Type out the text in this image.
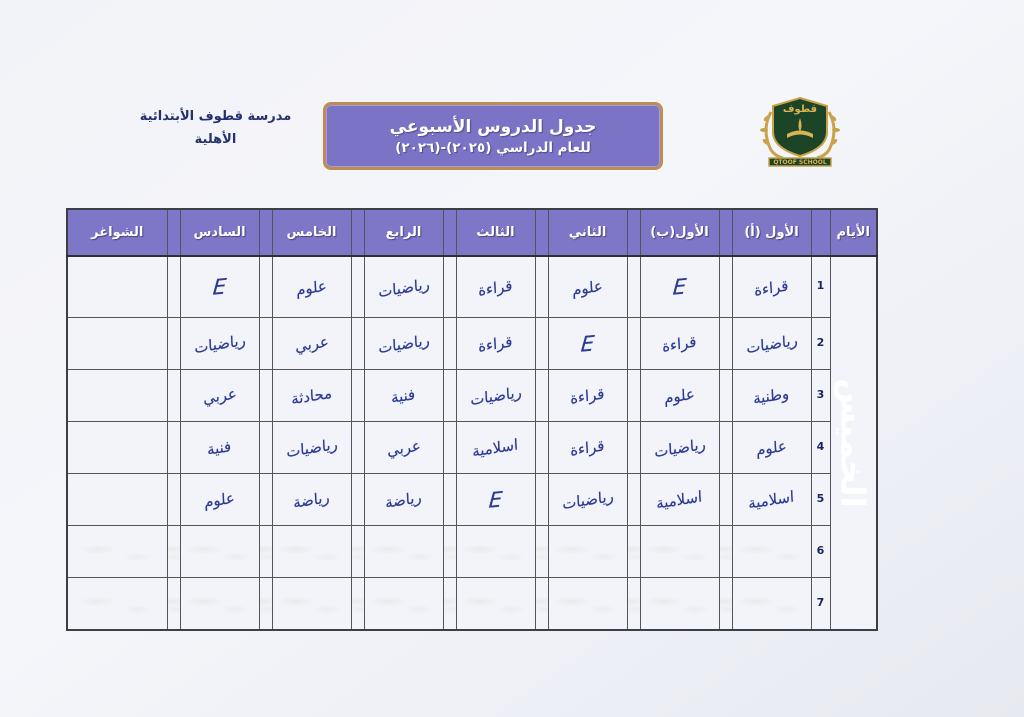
مدرسة قطوف الأبتدائية
الأهلية
جدول الدروس الأسبوعي
للعام الدراسي (٢٠٢٥)-(٢٠٢٦)
قطوف
QTOOF SCHOOL
الأيام		الأول (أ)		الأول(ب)		الثاني		الثالث		الرابع		الخامس		السادس		الشواغر

الخميس	1	قراءة		E		علوم		قراءة		رياضيات		علوم		E		
	2	رياضيات		قراءة		E		قراءة		رياضيات		عربي		رياضيات		
	3	وطنية		علوم		قراءة		رياضيات		فنية		محادثة		عربي		
	4	علوم		رياضيات		قراءة		اسلامية		عربي		رياضيات		فنية		
	5	اسلامية		اسلامية		رياضيات		E		رياضة		رياضة		علوم		
	6															
	7															
